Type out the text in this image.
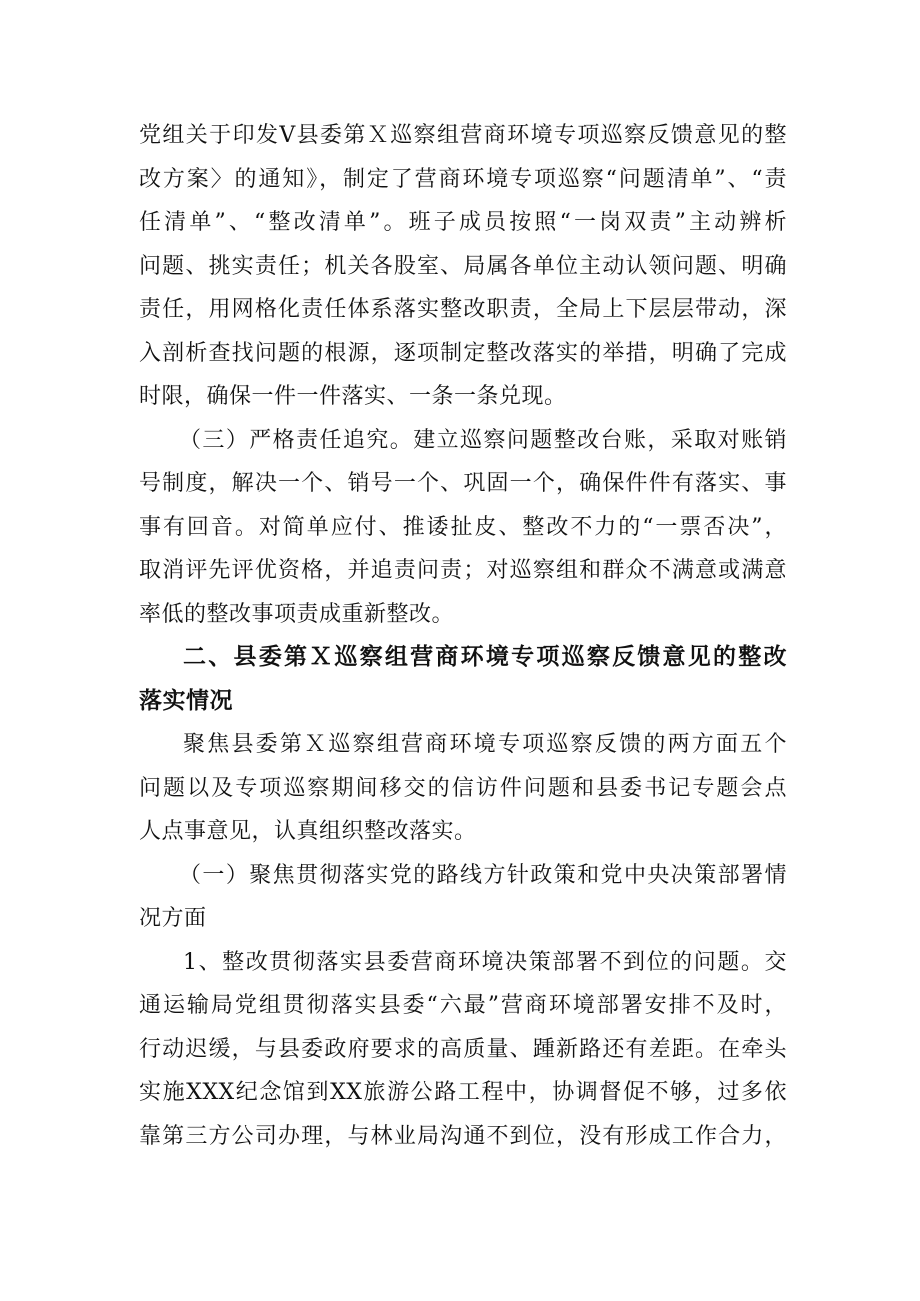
党组关于印发Ⅴ县委第Ｘ巡察组营商环境专项巡察反馈意见的整
改方案〉的通知》，制定了营商环境专项巡察“问题清单”、“责
任清单”、“整改清单”。班子成员按照“一岗双责”主动辨析
问题、挑实责任；机关各股室、局属各单位主动认领问题、明确
责任，用网格化责任体系落实整改职责，全局上下层层带动，深
入剖析查找问题的根源，逐项制定整改落实的举措，明确了完成
时限，确保一件一件落实、一条一条兑现。
（三）严格责任追究。建立巡察问题整改台账，采取对账销
号制度，解决一个、销号一个、巩固一个，确保件件有落实、事
事有回音。对简单应付、推诿扯皮、整改不力的“一票否决”，
取消评先评优资格，并追责问责；对巡察组和群众不满意或满意
率低的整改事项责成重新整改。
二、县委第Ｘ巡察组营商环境专项巡察反馈意见的整改
落实情况
聚焦县委第Ｘ巡察组营商环境专项巡察反馈的两方面五个
问题以及专项巡察期间移交的信访件问题和县委书记专题会点
人点事意见，认真组织整改落实。
（一）聚焦贯彻落实党的路线方针政策和党中央决策部署情
况方面
1、整改贯彻落实县委营商环境决策部署不到位的问题。交
通运输局党组贯彻落实县委“六最”营商环境部署安排不及时，
行动迟缓，与县委政府要求的高质量、踵新路还有差距。在牵头
实施XXX纪念馆到XX旅游公路工程中，协调督促不够，过多依
靠第三方公司办理，与林业局沟通不到位，没有形成工作合力，
